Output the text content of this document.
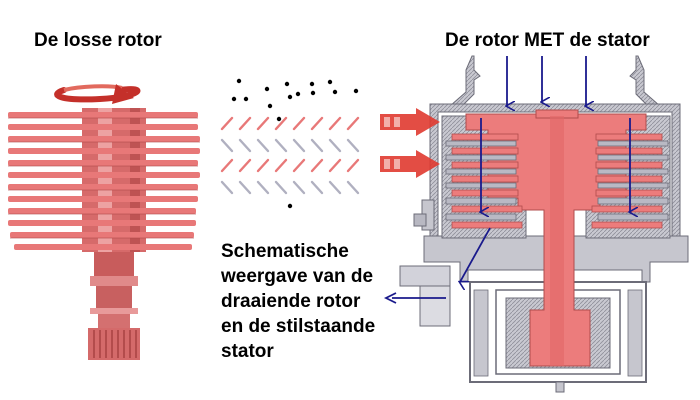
De losse rotor	De rotor MET de stator
Schematische
weergave van de
draaiende rotor
en de stilstaande
stator
